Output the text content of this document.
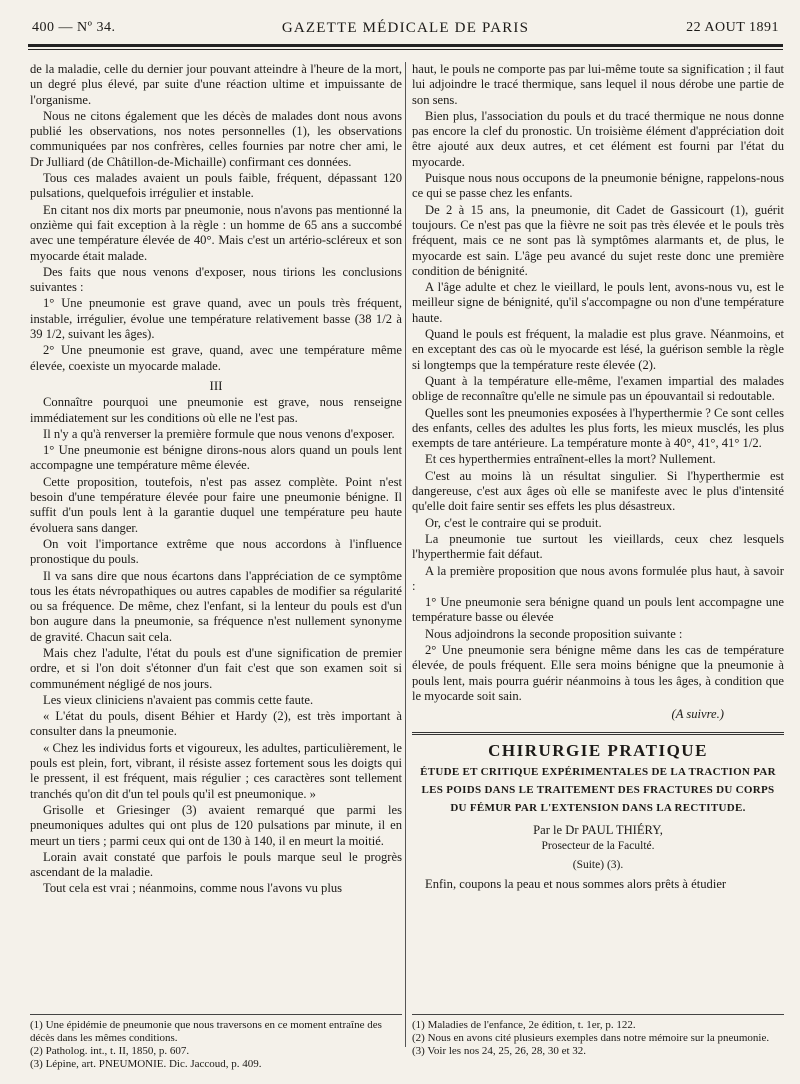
400 — Nº 34.	GAZETTE MÉDICALE DE PARIS	22 AOUT 1891

de la maladie, celle du dernier jour pouvant atteindre à l'heure de la mort, un degré plus élevé, par suite d'une réaction ultime et impuissante de l'organisme.

Nous ne citons également que les décès de malades dont nous avons publié les observations, nos notes personnelles (1), les observations communiquées par nos confrères, celles fournies par notre cher ami, le Dr Julliard (de Châtillon-de-Michaille) confirmant ces données.

Tous ces malades avaient un pouls faible, fréquent, dépassant 120 pulsations, quelquefois irrégulier et instable.

En citant nos dix morts par pneumonie, nous n'avons pas mentionné la onzième qui fait exception à la règle : un homme de 65 ans a succombé avec une température élevée de 40°. Mais c'est un artério-scléreux et son myocarde était malade.

Des faits que nous venons d'exposer, nous tirions les conclusions suivantes :

1° Une pneumonie est grave quand, avec un pouls très fréquent, instable, irrégulier, évolue une température relativement basse (38 1/2 à 39 1/2, suivant les âges).

2° Une pneumonie est grave, quand, avec une température même élevée, coexiste un myocarde malade.

III

Connaître pourquoi une pneumonie est grave, nous renseigne immédiatement sur les conditions où elle ne l'est pas.

Il n'y a qu'à renverser la première formule que nous venons d'exposer.

1° Une pneumonie est bénigne dirons-nous alors quand un pouls lent accompagne une température même élevée.

Cette proposition, toutefois, n'est pas assez complète. Point n'est besoin d'une température élevée pour faire une pneumonie bénigne. Il suffit d'un pouls lent à la garantie duquel une température peu haute évoluera sans danger.

On voit l'importance extrême que nous accordons à l'influence pronostique du pouls.

Il va sans dire que nous écartons dans l'appréciation de ce symptôme tous les états névropathiques ou autres capables de modifier sa régularité ou sa fréquence. De même, chez l'enfant, si la lenteur du pouls est d'un bon augure dans la pneumonie, sa fréquence n'est nullement synonyme de gravité. Chacun sait cela.

Mais chez l'adulte, l'état du pouls est d'une signification de premier ordre, et si l'on doit s'étonner d'un fait c'est que son examen soit si communément négligé de nos jours.

Les vieux cliniciens n'avaient pas commis cette faute.

« L'état du pouls, disent Béhier et Hardy (2), est très important à consulter dans la pneumonie.

« Chez les individus forts et vigoureux, les adultes, particulièrement, le pouls est plein, fort, vibrant, il résiste assez fortement sous les doigts qui le pressent, il est fréquent, mais régulier ; ces caractères sont tellement tranchés qu'on dit d'un tel pouls qu'il est pneumonique. »

Grisolle et Griesinger (3) avaient remarqué que parmi les pneumoniques adultes qui ont plus de 120 pulsations par minute, il en meurt un tiers ; parmi ceux qui ont de 130 à 140, il en meurt la moitié.

Lorain avait constaté que parfois le pouls marque seul le progrès ascendant de la maladie.

Tout cela est vrai ; néanmoins, comme nous l'avons vu plus

(1) Une épidémie de pneumonie que nous traversons en ce moment entraîne des décès dans les mêmes conditions.

(2) Patholog. int., t. II, 1850, p. 607.

(3) Lépine, art. PNEUMONIE. Dic. Jaccoud, p. 409.

haut, le pouls ne comporte pas par lui-même toute sa signification ; il faut lui adjoindre le tracé thermique, sans lequel il nous dérobe une partie de son sens.

Bien plus, l'association du pouls et du tracé thermique ne nous donne pas encore la clef du pronostic. Un troisième élément d'appréciation doit être ajouté aux deux autres, et cet élément est fourni par l'état du myocarde.

Puisque nous nous occupons de la pneumonie bénigne, rappelons-nous ce qui se passe chez les enfants.

De 2 à 15 ans, la pneumonie, dit Cadet de Gassicourt (1), guérit toujours. Ce n'est pas que la fièvre ne soit pas très élevée et le pouls très fréquent, mais ce ne sont pas là symptômes alarmants et, de plus, le myocarde est sain. L'âge peu avancé du sujet reste donc une première condition de bénignité.

A l'âge adulte et chez le vieillard, le pouls lent, avons-nous vu, est le meilleur signe de bénignité, qu'il s'accompagne ou non d'une température haute.

Quand le pouls est fréquent, la maladie est plus grave. Néanmoins, et en exceptant des cas où le myocarde est lésé, la guérison semble la règle si longtemps que la température reste élevée (2).

Quant à la température elle-même, l'examen impartial des malades oblige de reconnaître qu'elle ne simule pas un épouvantail si redoutable.

Quelles sont les pneumonies exposées à l'hyperthermie ? Ce sont celles des enfants, celles des adultes les plus forts, les mieux musclés, les plus exempts de tare antérieure. La température monte à 40°, 41°, 41° 1/2.

Et ces hyperthermies entraînent-elles la mort? Nullement.

C'est au moins là un résultat singulier. Si l'hyperthermie est dangereuse, c'est aux âges où elle se manifeste avec le plus d'intensité qu'elle doit faire sentir ses effets les plus désastreux.

Or, c'est le contraire qui se produit.

La pneumonie tue surtout les vieillards, ceux chez lesquels l'hyperthermie fait défaut.

A la première proposition que nous avons formulée plus haut, à savoir :

1° Une pneumonie sera bénigne quand un pouls lent accompagne une température basse ou élevée

Nous adjoindrons la seconde proposition suivante :

2° Une pneumonie sera bénigne même dans les cas de température élevée, de pouls fréquent. Elle sera moins bénigne que la pneumonie à pouls lent, mais pourra guérir néanmoins à tous les âges, à condition que le myocarde soit sain.

(A suivre.)

CHIRURGIE PRATIQUE

ÉTUDE ET CRITIQUE EXPÉRIMENTALES DE LA TRACTION PAR LES POIDS DANS LE TRAITEMENT DES FRACTURES DU CORPS DU FÉMUR PAR L'EXTENSION DANS LA RECTITUDE.

Par le Dr PAUL THIÉRY,

Prosecteur de la Faculté.

(Suite) (3).

Enfin, coupons la peau et nous sommes alors prêts à étudier

(1) Maladies de l'enfance, 2e édition, t. 1er, p. 122.

(2) Nous en avons cité plusieurs exemples dans notre mémoire sur la pneumonie.

(3) Voir les nos 24, 25, 26, 28, 30 et 32.
